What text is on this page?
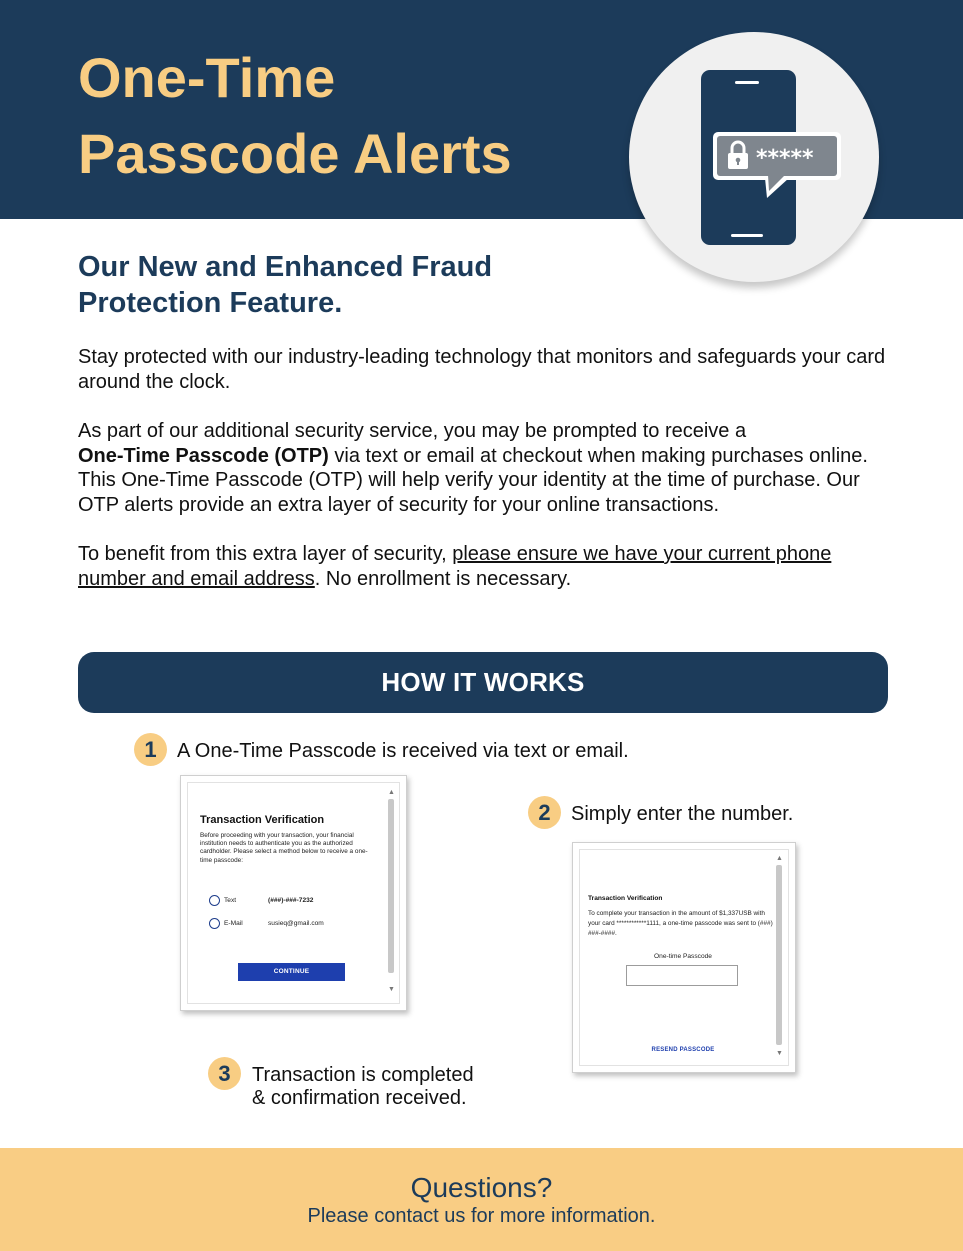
One-Time
Passcode Alerts	*****
Our New and Enhanced Fraud
Protection Feature.
Stay protected with our industry-leading technology that monitors and safeguards your card around the clock.
As part of our additional security service, you may be prompted to receive a
One-Time Passcode (OTP) via text or email at checkout when making purchases online. This One-Time Passcode (OTP) will help verify your identity at the time of purchase. Our OTP alerts provide an extra layer of security for your online transactions.
To benefit from this extra layer of security, please ensure we have your current phone number and email address. No enrollment is necessary.
HOW IT WORKS
1	A One-Time Passcode is received via text or email.
▲
▼
Transaction Verification
Before proceeding with your transaction, your financial institution needs to authenticate you as the authorized cardholder. Please select a method below to receive a one-time passcode:
Text	(###)-###-7232
E-Mail	susieq@gmail.com
CONTINUE
2	Simply enter the number.
▲
▼
Transaction Verification
To complete your transaction in the amount of $1,337USB with your card ************1111, a one-time passcode was sent to (###) ###-####.
One-time Passcode
RESEND PASSCODE
3	Transaction is completed
& confirmation received.
Questions?
Please contact us for more information.
